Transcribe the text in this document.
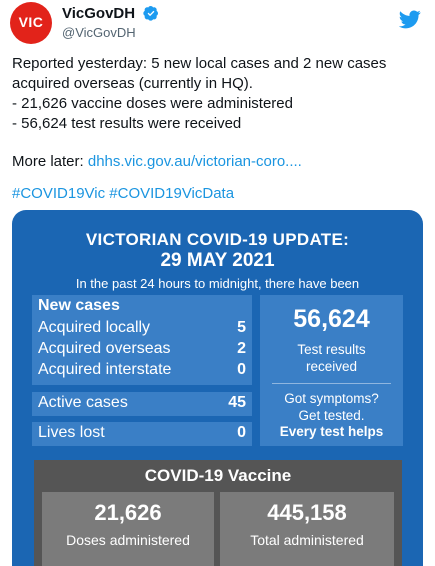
VIC	VicGovDH
@VicGovDH

Reported yesterday: 5 new local cases and 2 new cases acquired overseas (currently in HQ).
- 21,626 vaccine doses were administered
- 56,624 test results were received

More later: dhhs.vic.gov.au/victorian-coro....

#COVID19Vic #COVID19VicData

VICTORIAN COVID-19 UPDATE:
29 MAY 2021
In the past 24 hours to midnight, there have been
New cases
Acquired locally	5
Acquired overseas	2
Acquired interstate	0
Active cases	45
Lives lost	0
56,624
Test results
received
Got symptoms?
Get tested.
Every test helps
COVID-19 Vaccine
21,626
Doses administered
445,158
Total administered
